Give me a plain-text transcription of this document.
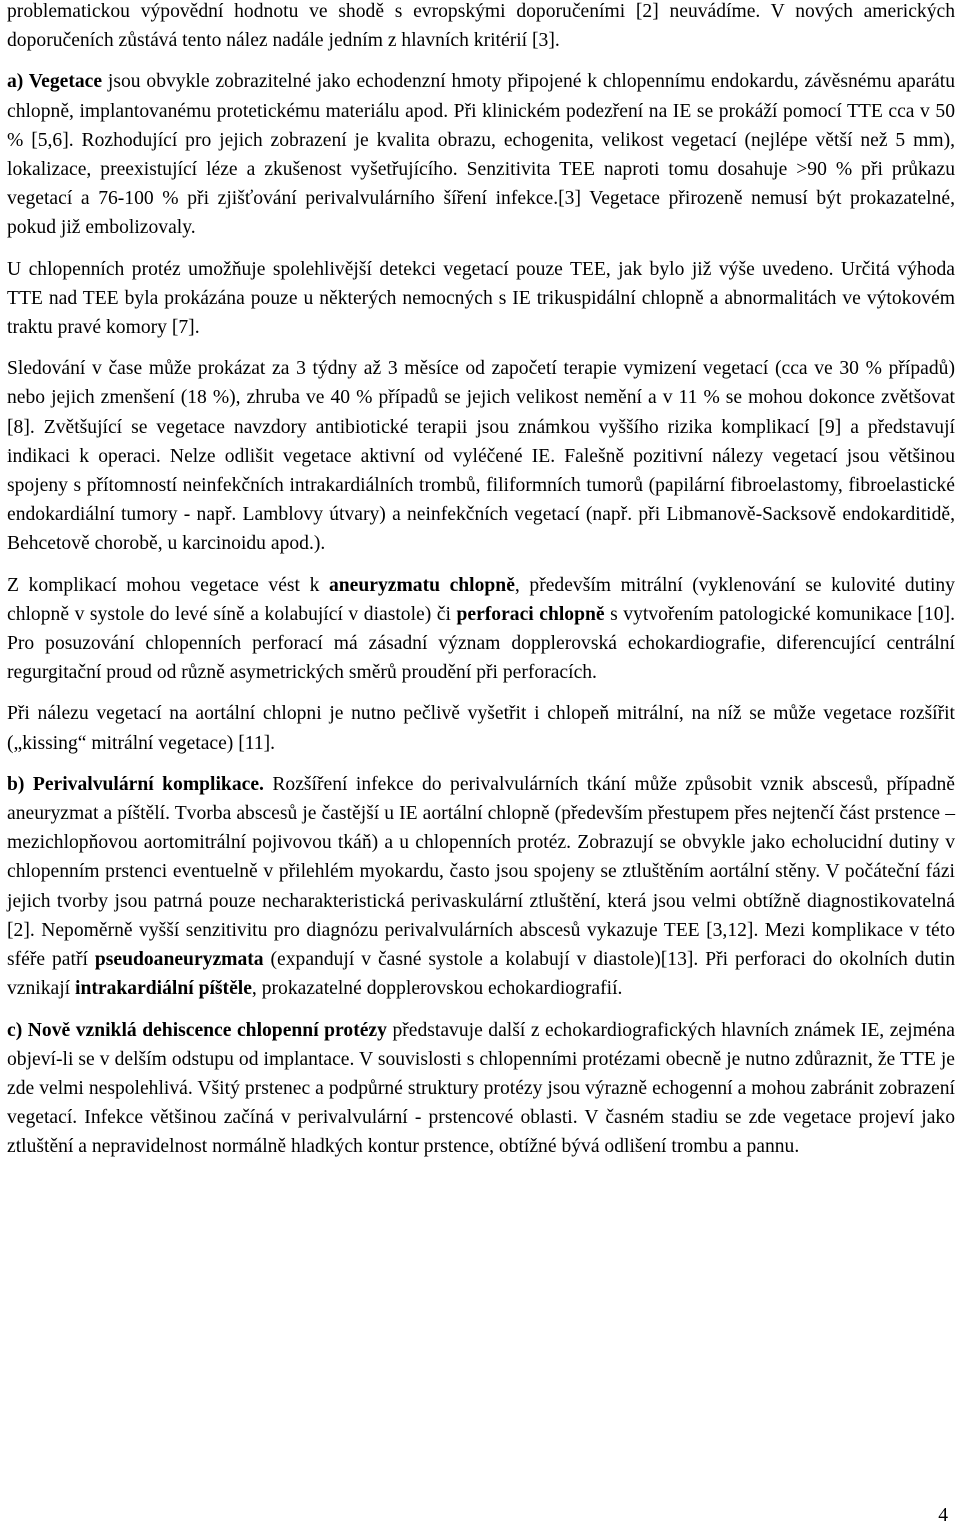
problematickou výpovědní hodnotu ve shodě s evropskými doporučeními [2] neuvádíme. V nových amerických doporučeních zůstává tento nález nadále jedním z hlavních kritérií [3].

a) Vegetace jsou obvykle zobrazitelné jako echodenzní hmoty připojené k chlopennímu endokardu, závěsnému aparátu chlopně, implantovanému protetickému materiálu apod. Při klinickém podezření na IE se prokáží pomocí TTE cca v 50 % [5,6]. Rozhodující pro jejich zobrazení je kvalita obrazu, echogenita, velikost vegetací (nejlépe větší než 5 mm), lokalizace, preexistující léze a zkušenost vyšetřujícího. Senzitivita TEE naproti tomu dosahuje >90 % při průkazu vegetací a 76-100 % při zjišťování perivalvulárního šíření infekce.[3] Vegetace přirozeně nemusí být prokazatelné, pokud již embolizovaly.

U chlopenních protéz umožňuje spolehlivější detekci vegetací pouze TEE, jak bylo již výše uvedeno. Určitá výhoda TTE nad TEE byla prokázána pouze u některých nemocných s IE trikuspidální chlopně a abnormalitách ve výtokovém traktu pravé komory [7].

Sledování v čase může prokázat za 3 týdny až 3 měsíce od započetí terapie vymizení vegetací (cca ve 30 % případů) nebo jejich zmenšení (18 %), zhruba ve 40 % případů se jejich velikost nemění a v 11 % se mohou dokonce zvětšovat [8]. Zvětšující se vegetace navzdory antibiotické terapii jsou známkou vyššího rizika komplikací [9] a představují indikaci k operaci. Nelze odlišit vegetace aktivní od vyléčené IE. Falešně pozitivní nálezy vegetací jsou většinou spojeny s přítomností neinfekčních intrakardiálních trombů, filiformních tumorů (papilární fibroelastomy, fibroelastické endokardiální tumory - např. Lamblovy útvary) a neinfekčních vegetací (např. při Libmanově-Sacksově endokarditidě, Behcetově chorobě, u karcinoidu apod.).

Z komplikací mohou vegetace vést k aneuryzmatu chlopně, především mitrální (vyklenování se kulovité dutiny chlopně v systole do levé síně a kolabující v diastole) či perforaci chlopně s vytvořením patologické komunikace [10]. Pro posuzování chlopenních perforací má zásadní význam dopplerovská echokardiografie, diferencující centrální regurgitační proud od různě asymetrických směrů proudění při perforacích.

Při nálezu vegetací na aortální chlopni je nutno pečlivě vyšetřit i chlopeň mitrální, na níž se může vegetace rozšířit („kissing“ mitrální vegetace) [11].

b) Perivalvulární komplikace. Rozšíření infekce do perivalvulárních tkání může způsobit vznik abscesů, případně aneuryzmat a píštělí. Tvorba abscesů je častější u IE aortální chlopně (především přestupem přes nejtenčí část prstence – mezichlopňovou aortomitrální pojivovou tkáň) a u chlopenních protéz. Zobrazují se obvykle jako echolucidní dutiny v chlopenním prstenci eventuelně v přilehlém myokardu, často jsou spojeny se ztluštěním aortální stěny. V počáteční fázi jejich tvorby jsou patrná pouze necharakteristická perivaskulární ztluštění, která jsou velmi obtížně diagnostikovatelná [2]. Nepoměrně vyšší senzitivitu pro diagnózu perivalvulárních abscesů vykazuje TEE [3,12]. Mezi komplikace v této sféře patří pseudoaneuryzmata (expandují v časné systole a kolabují v diastole)[13]. Při perforaci do okolních dutin vznikají intrakardiální píštěle, prokazatelné dopplerovskou echokardiografií.

c) Nově vzniklá dehiscence chlopenní protézy představuje další z echokardiografických hlavních známek IE, zejména objeví-li se v delším odstupu od implantace. V souvislosti s chlopenními protézami obecně je nutno zdůraznit, že TTE je zde velmi nespolehlivá. Všitý prstenec a podpůrné struktury protézy jsou výrazně echogenní a mohou zabránit zobrazení vegetací. Infekce většinou začíná v perivalvulární - prstencové oblasti. V časném stadiu se zde vegetace projeví jako ztluštění a nepravidelnost normálně hladkých kontur prstence, obtížné bývá odlišení trombu a pannu.

4
